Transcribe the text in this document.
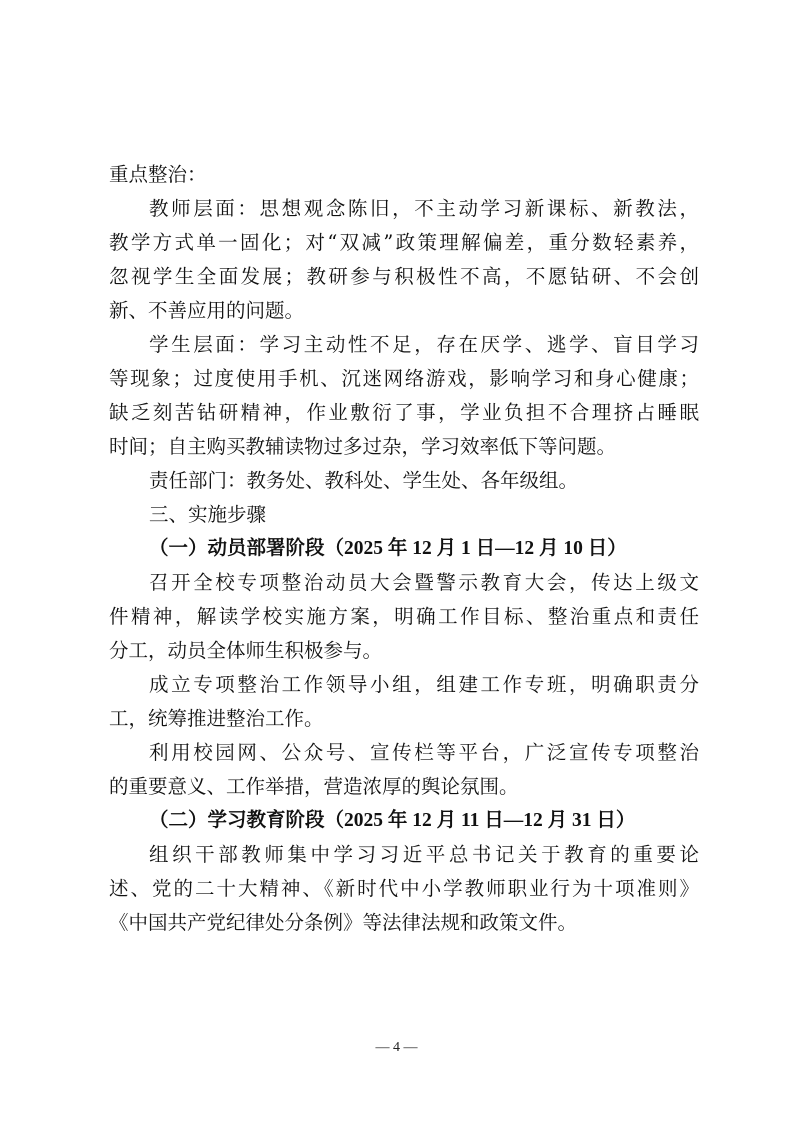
重点整治：
教师层面：思想观念陈旧，不主动学习新课标、新教法，
教学方式单一固化；对“双减”政策理解偏差，重分数轻素养，
忽视学生全面发展；教研参与积极性不高，不愿钻研、不会创
新、不善应用的问题。
学生层面：学习主动性不足，存在厌学、逃学、盲目学习
等现象；过度使用手机、沉迷网络游戏，影响学习和身心健康；
缺乏刻苦钻研精神，作业敷衍了事，学业负担不合理挤占睡眠
时间；自主购买教辅读物过多过杂，学习效率低下等问题。
责任部门：教务处、教科处、学生处、各年级组。
三、实施步骤
（一）动员部署阶段（2025 年 12 月 1 日—12 月 10 日）
召开全校专项整治动员大会暨警示教育大会，传达上级文
件精神，解读学校实施方案，明确工作目标、整治重点和责任
分工，动员全体师生积极参与。
成立专项整治工作领导小组，组建工作专班，明确职责分
工，统筹推进整治工作。
利用校园网、公众号、宣传栏等平台，广泛宣传专项整治
的重要意义、工作举措，营造浓厚的舆论氛围。
（二）学习教育阶段（2025 年 12 月 11 日—12 月 31 日）
组织干部教师集中学习习近平总书记关于教育的重要论
述、党的二十大精神、《新时代中小学教师职业行为十项准则》
《中国共产党纪律处分条例》等法律法规和政策文件。
— 4 —
